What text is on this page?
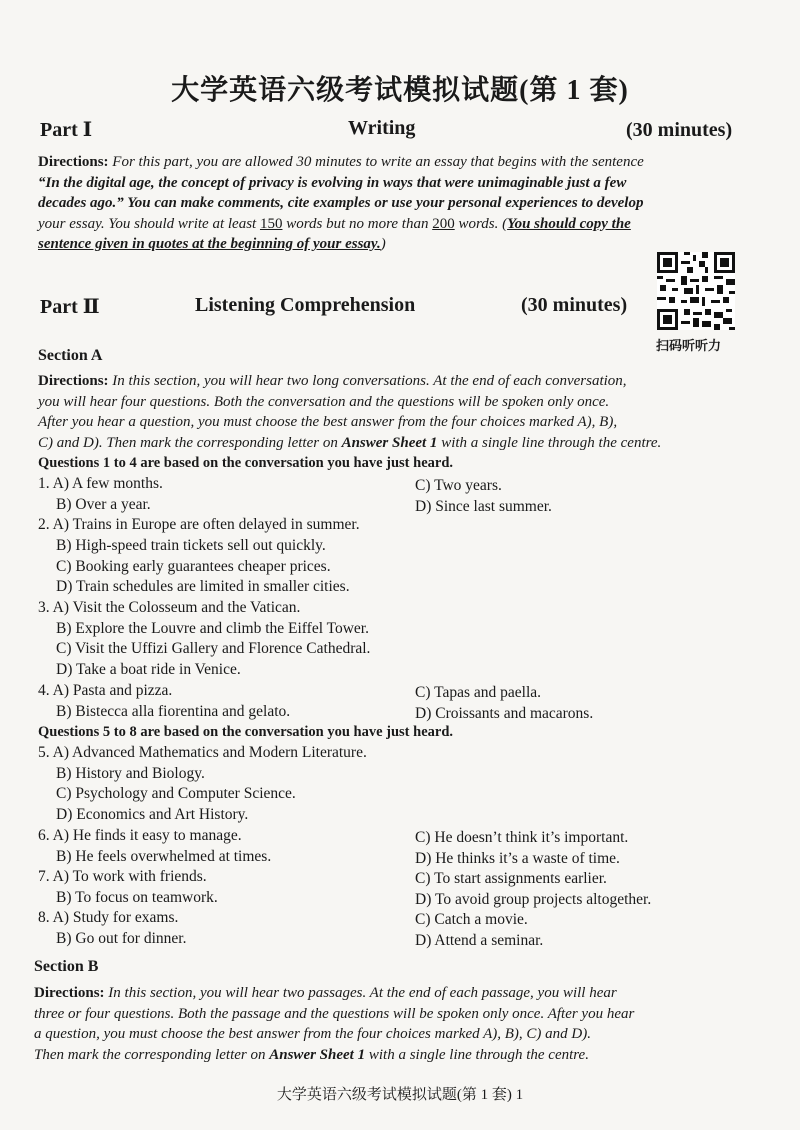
大学英语六级考试模拟试题(第 1 套)
Part Ⅰ	Writing	(30 minutes)
Directions: For this part, you are allowed 30 minutes to write an essay that begins with the sentence
“In the digital age, the concept of privacy is evolving in ways that were unimaginable just a few
decades ago.” You can make comments, cite examples or use your personal experiences to develop
your essay. You should write at least 150 words but no more than 200 words. (You should copy the
sentence given in quotes at the beginning of your essay.)
Part Ⅱ	Listening Comprehension	(30 minutes)
扫码听听力
Section A
Directions: In this section, you will hear two long conversations. At the end of each conversation,
you will hear four questions. Both the conversation and the questions will be spoken only once.
After you hear a question, you must choose the best answer from the four choices marked A), B),
C) and D). Then mark the corresponding letter on Answer Sheet 1 with a single line through the centre.
Questions 1 to 4 are based on the conversation you have just heard.
1. A) A few months.	C) Two years.
B) Over a year.	D) Since last summer.
2. A) Trains in Europe are often delayed in summer.
B) High-speed train tickets sell out quickly.
C) Booking early guarantees cheaper prices.
D) Train schedules are limited in smaller cities.
3. A) Visit the Colosseum and the Vatican.
B) Explore the Louvre and climb the Eiffel Tower.
C) Visit the Uffizi Gallery and Florence Cathedral.
D) Take a boat ride in Venice.
4. A) Pasta and pizza.	C) Tapas and paella.
B) Bistecca alla fiorentina and gelato.	D) Croissants and macarons.
Questions 5 to 8 are based on the conversation you have just heard.
5. A) Advanced Mathematics and Modern Literature.
B) History and Biology.
C) Psychology and Computer Science.
D) Economics and Art History.
6. A) He finds it easy to manage.	C) He doesn’t think it’s important.
B) He feels overwhelmed at times.	D) He thinks it’s a waste of time.
7. A) To work with friends.	C) To start assignments earlier.
B) To focus on teamwork.	D) To avoid group projects altogether.
8. A) Study for exams.	C) Catch a movie.
B) Go out for dinner.	D) Attend a seminar.
Section B
Directions: In this section, you will hear two passages. At the end of each passage, you will hear
three or four questions. Both the passage and the questions will be spoken only once. After you hear
a question, you must choose the best answer from the four choices marked A), B), C) and D).
Then mark the corresponding letter on Answer Sheet 1 with a single line through the centre.
大学英语六级考试模拟试题(第 1 套) 1
